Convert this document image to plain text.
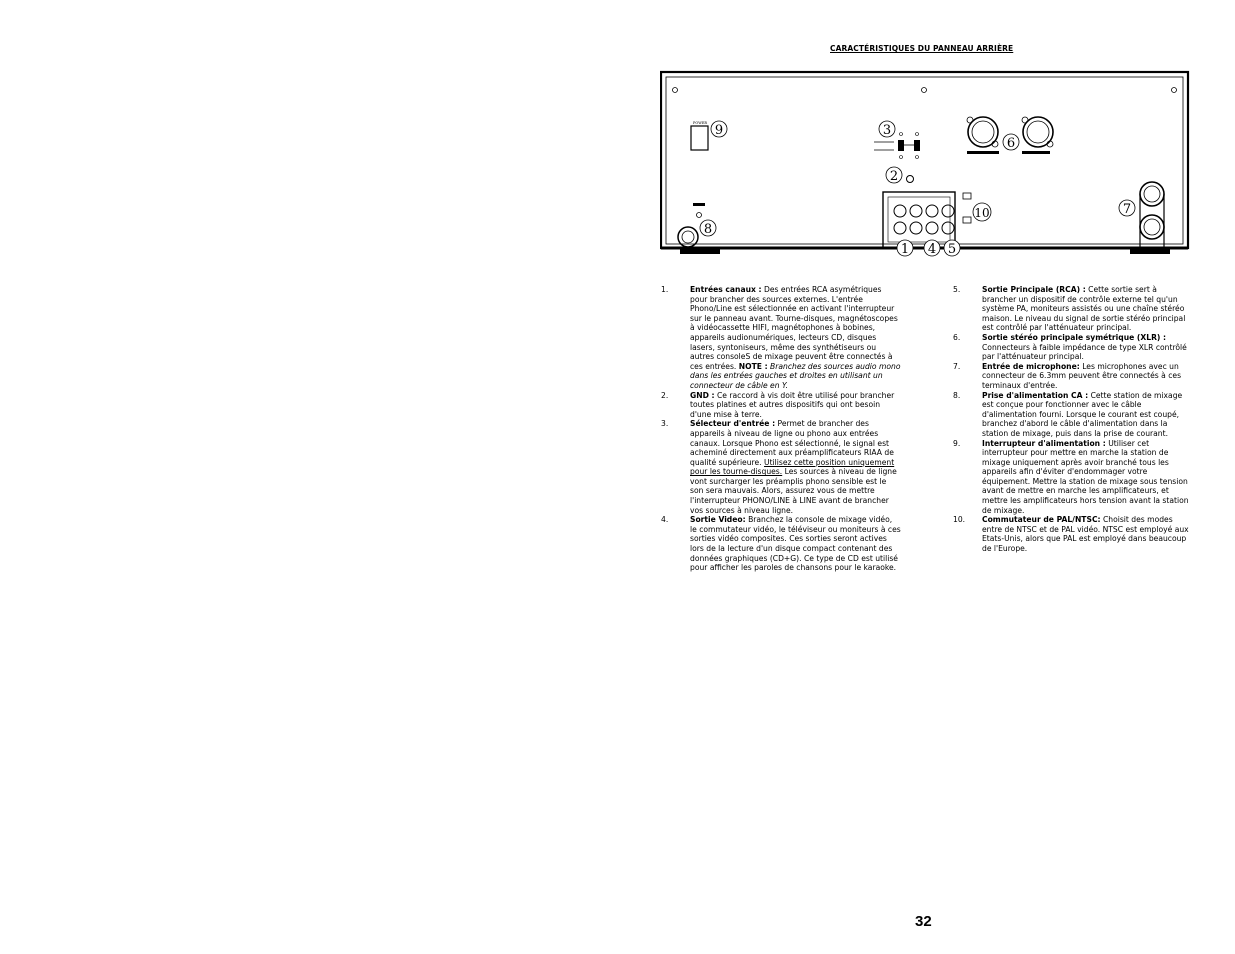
CARACTÉRISTIQUES DU PANNEAU ARRIÈRE
POWER 9	3
2
6
8
1 4 5
10	7
1.	Entrées canaux : Des entrées RCA asymétriques pour brancher des sources externes. L'entrée Phono/Line est sélectionnée en activant l'interrupteur sur le panneau avant. Tourne-disques, magnétoscopes à vidéocassette HIFI, magnétophones à bobines, appareils audionumériques, lecteurs CD, disques lasers, syntoniseurs, même des synthétiseurs ou autres consoleS de mixage peuvent être connectés à ces entrées. NOTE : Branchez des sources audio mono dans les entrées gauches et droites en utilisant un connecteur de câble en Y.
2.	GND : Ce raccord à vis doit être utilisé pour brancher toutes platines et autres dispositifs qui ont besoin d'une mise à terre.
3.	Sélecteur d'entrée : Permet de brancher des appareils à niveau de ligne ou phono aux entrées canaux. Lorsque Phono est sélectionné, le signal est acheminé directement aux préamplificateurs RIAA de qualité supérieure. Utilisez cette position uniquement pour les tourne-disques. Les sources à niveau de ligne vont surcharger les préamplis phono sensible est le son sera mauvais. Alors, assurez vous de mettre l'interrupteur PHONO/LINE à LINE avant de brancher vos sources à niveau ligne.
4.	Sortie Video: Branchez la console de mixage vidéo, le commutateur vidéo, le téléviseur ou moniteurs à ces sorties vidéo composites. Ces sorties seront actives lors de la lecture d'un disque compact contenant des données graphiques (CD+G). Ce type de CD est utilisé pour afficher les paroles de chansons pour le karaoke.
5.	Sortie Principale (RCA) : Cette sortie sert à brancher un dispositif de contrôle externe tel qu'un système PA, moniteurs assistés ou une chaîne stéréo maison. Le niveau du signal de sortie stéréo principal est contrôlé par l'atténuateur principal.
6.	Sortie stéréo principale symétrique (XLR) : Connecteurs à faible impédance de type XLR contrôlé par l'atténuateur principal.
7.	Entrée de microphone: Les microphones avec un connecteur de 6.3mm peuvent être connectés à ces terminaux d'entrée.
8.	Prise d'alimentation CA : Cette station de mixage est conçue pour fonctionner avec le câble d'alimentation fourni. Lorsque le courant est coupé, branchez d'abord le câble d'alimentation dans la station de mixage, puis dans la prise de courant.
9.	Interrupteur d'alimentation : Utiliser cet interrupteur pour mettre en marche la station de mixage uniquement après avoir branché tous les appareils afin d'éviter d'endommager votre équipement. Mettre la station de mixage sous tension avant de mettre en marche les amplificateurs, et mettre les amplificateurs hors tension avant la station de mixage.
10.	Commutateur de PAL/NTSC: Choisit des modes entre de NTSC et de PAL vidéo. NTSC est employé aux Etats-Unis, alors que PAL est employé dans beaucoup de l'Europe.
32
